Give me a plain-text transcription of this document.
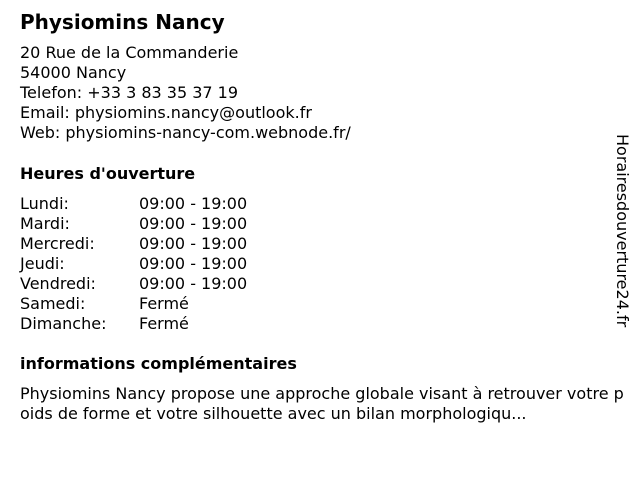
Physiomins Nancy
20 Rue de la Commanderie
54000 Nancy
Telefon: +33 3 83 35 37 19
Email: physiomins.nancy@outlook.fr
Web: physiomins-nancy-com.webnode.fr/
Heures d'ouverture
Lundi:	09:00 - 19:00
Mardi:	09:00 - 19:00
Mercredi:	09:00 - 19:00
Jeudi:	09:00 - 19:00
Vendredi:	09:00 - 19:00
Samedi:	Fermé
Dimanche:	Fermé
informations complémentaires
Physiomins Nancy propose une approche globale visant à retrouver votre poids de forme et votre silhouette avec un bilan morphologiqu...
Horairesdouverture24.fr
